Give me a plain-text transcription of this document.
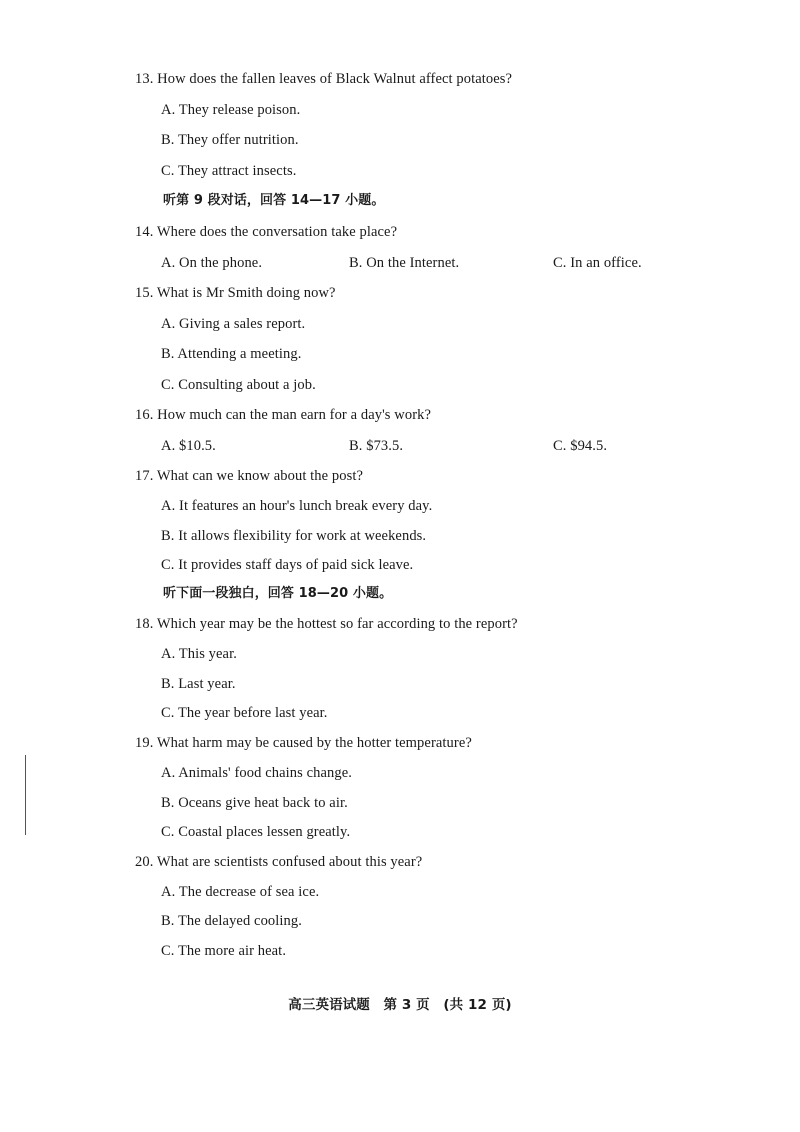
13. How does the fallen leaves of Black Walnut affect potatoes?
A. They release poison.
B. They offer nutrition.
C. They attract insects.
听第 9 段对话，回答 14—17 小题。
14. Where does the conversation take place?
A. On the phone.	B. On the Internet.	C. In an office.
15. What is Mr Smith doing now?
A. Giving a sales report.
B. Attending a meeting.
C. Consulting about a job.
16. How much can the man earn for a day's work?
A. $10.5.	B. $73.5.	C. $94.5.
17. What can we know about the post?
A. It features an hour's lunch break every day.
B. It allows flexibility for work at weekends.
C. It provides staff days of paid sick leave.
听下面一段独白，回答 18—20 小题。
18. Which year may be the hottest so far according to the report?
A. This year.
B. Last year.
C. The year before last year.
19. What harm may be caused by the hotter temperature?
A. Animals' food chains change.
B. Oceans give heat back to air.
C. Coastal places lessen greatly.
20. What are scientists confused about this year?
A. The decrease of sea ice.
B. The delayed cooling.
C. The more air heat.
高三英语试题　第 3 页　(共 12 页)
